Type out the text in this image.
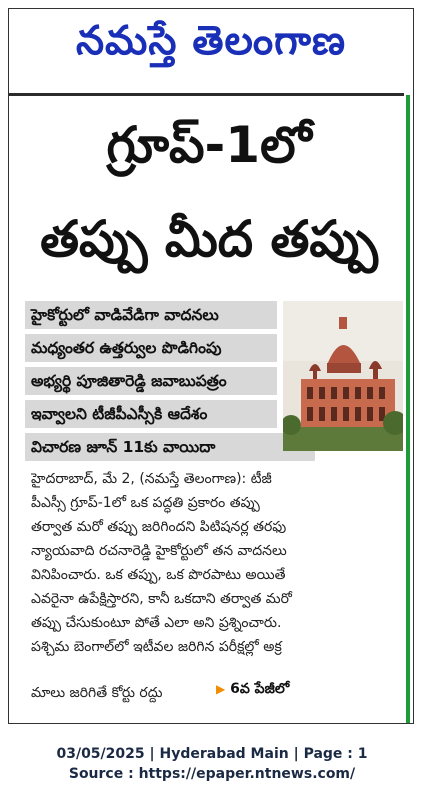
నమస్తే తెలంగాణ
గ్రూప్-1లో
తప్పు మీద తప్పు
హైకోర్టులో వాడివేడిగా వాదనలు
మధ్యంతర ఉత్తర్వుల పొడిగింపు
అభ్యర్థి పూజితారెడ్డి జవాబుపత్రం
ఇవ్వాలని టీజీపీఎస్సీకి ఆదేశం
విచారణ జూన్ 11కు వాయిదా
హైదరాబాద్, మే 2, (నమస్తే తెలంగాణ): టీజీ
పీఎస్సీ గ్రూప్-1లో ఒక పద్ధతి ప్రకారం తప్పు
తర్వాత మరో తప్పు జరిగిందని పిటిషనర్ల తరఫు
న్యాయవాది రచనారెడ్డి హైకోర్టులో తన వాదనలు
వినిపించారు. ఒక తప్పు, ఒక పొరపాటు అయితే
ఎవరైనా ఉపేక్షిస్తారని, కానీ ఒకదాని తర్వాత మరో
తప్పు చేసుకుంటూ పోతే ఎలా అని ప్రశ్నించారు.
పశ్చిమ బెంగాల్‌లో ఇటీవల జరిగిన పరీక్షల్లో అక్ర
మాలు జరిగితే కోర్టు రద్దు	▶ 6వ పేజీలో
03/05/2025 | Hyderabad Main | Page : 1
Source : https://epaper.ntnews.com/
